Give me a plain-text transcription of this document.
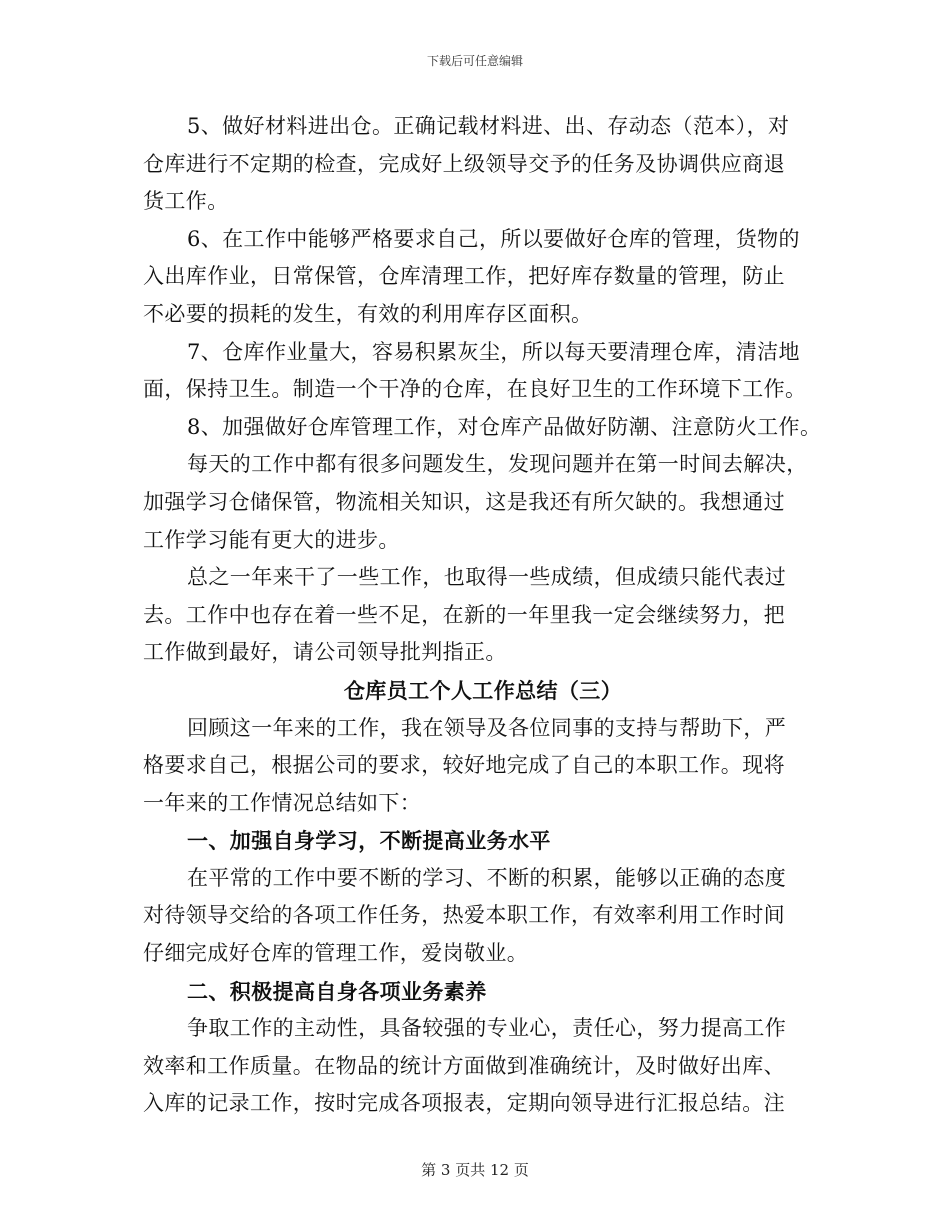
下载后可任意编辑
5、做好材料进出仓。正确记载材料进、出、存动态（范本），对
仓库进行不定期的检查，完成好上级领导交予的任务及协调供应商退
货工作。
6、在工作中能够严格要求自己，所以要做好仓库的管理，货物的
入出库作业，日常保管，仓库清理工作，把好库存数量的管理，防止
不必要的损耗的发生，有效的利用库存区面积。
7、仓库作业量大，容易积累灰尘，所以每天要清理仓库，清洁地
面，保持卫生。制造一个干净的仓库，在良好卫生的工作环境下工作。
8、加强做好仓库管理工作，对仓库产品做好防潮、注意防火工作。
每天的工作中都有很多问题发生，发现问题并在第一时间去解决，
加强学习仓储保管，物流相关知识，这是我还有所欠缺的。我想通过
工作学习能有更大的进步。
总之一年来干了一些工作，也取得一些成绩，但成绩只能代表过
去。工作中也存在着一些不足，在新的一年里我一定会继续努力，把
工作做到最好，请公司领导批判指正。
仓库员工个人工作总结（三）
回顾这一年来的工作，我在领导及各位同事的支持与帮助下，严
格要求自己，根据公司的要求，较好地完成了自己的本职工作。现将
一年来的工作情况总结如下：
一、加强自身学习，不断提高业务水平
在平常的工作中要不断的学习、不断的积累，能够以正确的态度
对待领导交给的各项工作任务，热爱本职工作，有效率利用工作时间
仔细完成好仓库的管理工作，爱岗敬业。
二、积极提高自身各项业务素养
争取工作的主动性，具备较强的专业心，责任心，努力提高工作
效率和工作质量。在物品的统计方面做到准确统计，及时做好出库、
入库的记录工作，按时完成各项报表，定期向领导进行汇报总结。注
第 3 页共 12 页
